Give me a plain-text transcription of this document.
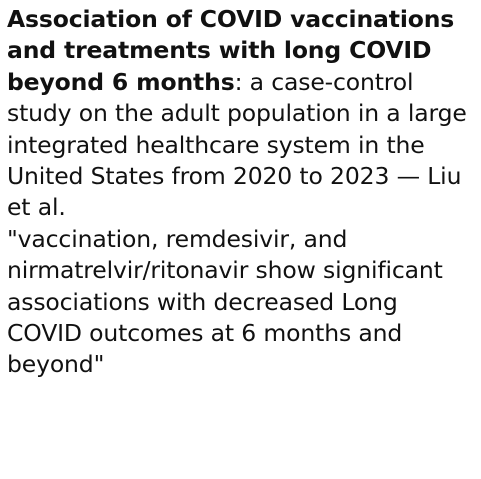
Association of COVID vaccinations and treatments with long COVID beyond 6 months: a case-control study on the adult population in a large integrated healthcare system in the United States from 2020 to 2023 — Liu et al.

"vaccination, remdesivir, and nirmatrelvir/ritonavir show significant associations with decreased Long COVID outcomes at 6 months and beyond"
